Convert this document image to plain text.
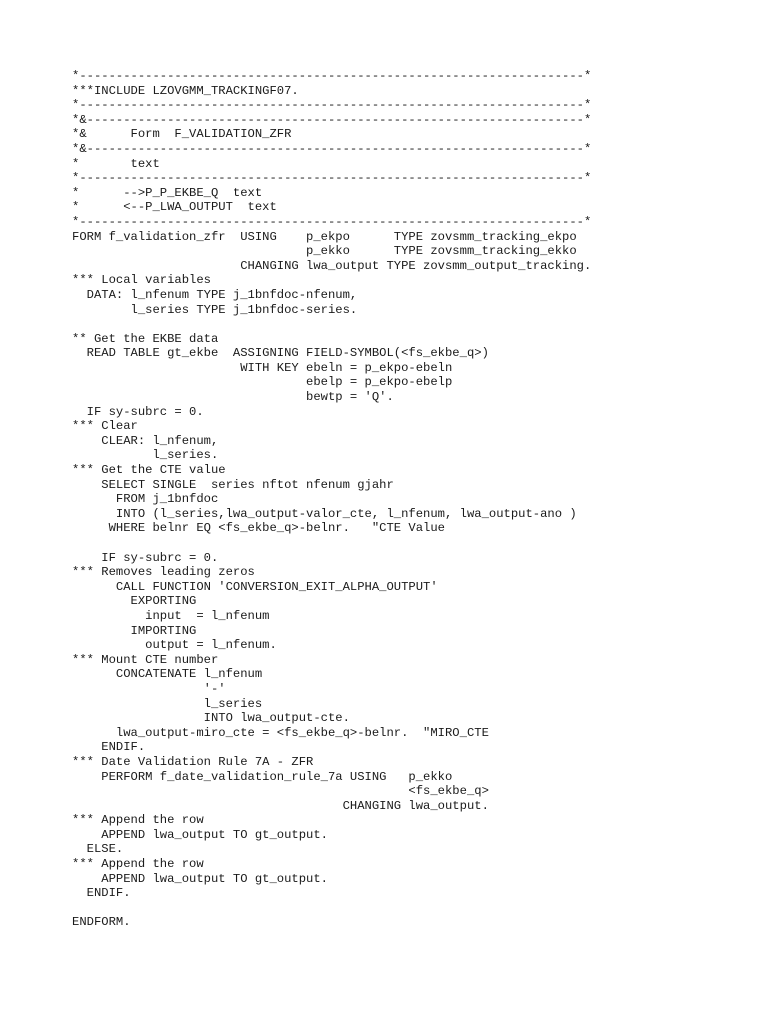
*---------------------------------------------------------------------*
***INCLUDE LZOVGMM_TRACKINGF07.
*---------------------------------------------------------------------*
*&--------------------------------------------------------------------*
*&      Form  F_VALIDATION_ZFR
*&--------------------------------------------------------------------*
*       text
*---------------------------------------------------------------------*
*      -->P_P_EKBE_Q  text
*      <--P_LWA_OUTPUT  text
*---------------------------------------------------------------------*
FORM f_validation_zfr  USING    p_ekpo      TYPE zovsmm_tracking_ekpo
p_ekko      TYPE zovsmm_tracking_ekko
CHANGING lwa_output TYPE zovsmm_output_tracking.
*** Local variables
DATA: l_nfenum TYPE j_1bnfdoc-nfenum,
l_series TYPE j_1bnfdoc-series.
** Get the EKBE data
READ TABLE gt_ekbe  ASSIGNING FIELD-SYMBOL(<fs_ekbe_q>)
WITH KEY ebeln = p_ekpo-ebeln
ebelp = p_ekpo-ebelp
bewtp = 'Q'.
IF sy-subrc = 0.
*** Clear
CLEAR: l_nfenum,
l_series.
*** Get the CTE value
SELECT SINGLE  series nftot nfenum gjahr
FROM j_1bnfdoc
INTO (l_series,lwa_output-valor_cte, l_nfenum, lwa_output-ano )
WHERE belnr EQ <fs_ekbe_q>-belnr.   "CTE Value
IF sy-subrc = 0.
*** Removes leading zeros
CALL FUNCTION 'CONVERSION_EXIT_ALPHA_OUTPUT'
EXPORTING
input  = l_nfenum
IMPORTING
output = l_nfenum.
*** Mount CTE number
CONCATENATE l_nfenum
'-'
l_series
INTO lwa_output-cte.
lwa_output-miro_cte = <fs_ekbe_q>-belnr.  "MIRO_CTE
ENDIF.
*** Date Validation Rule 7A - ZFR
PERFORM f_date_validation_rule_7a USING   p_ekko
<fs_ekbe_q>
CHANGING lwa_output.
*** Append the row
APPEND lwa_output TO gt_output.
ELSE.
*** Append the row
APPEND lwa_output TO gt_output.
ENDIF.
ENDFORM.
